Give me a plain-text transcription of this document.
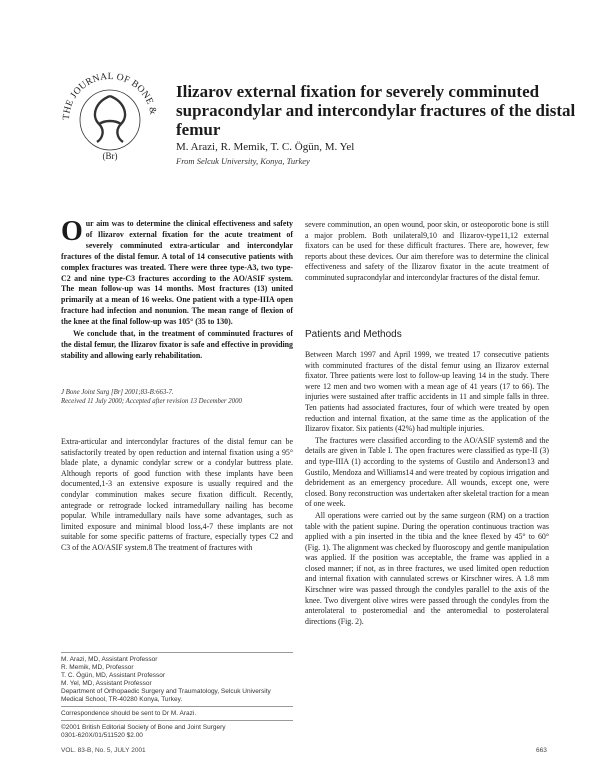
THE JOURNAL OF BONE &
(Br)
Ilizarov external fixation for severely comminuted supracondylar and intercondylar fractures of the distal femur
M. Arazi, R. Memik, T. C. Ögün, M. Yel
From Selcuk University, Konya, Turkey

Our aim was to determine the clinical effectiveness and safety of Ilizarov external fixation for the acute treatment of severely comminuted extra-articular and intercondylar fractures of the distal femur. A total of 14 consecutive patients with complex fractures was treated. There were three type-A3, two type-C2 and nine type-C3 fractures according to the AO/ASIF system. The mean follow-up was 14 months. Most fractures (13) united primarily at a mean of 16 weeks. One patient with a type-IIIA open fracture had infection and nonunion. The mean range of flexion of the knee at the final follow-up was 105° (35 to 130).

We conclude that, in the treatment of comminuted fractures of the distal femur, the Ilizarov fixator is safe and effective in providing stability and allowing early rehabilitation.

J Bone Joint Surg [Br] 2001;83-B:663-7.
Received 11 July 2000; Accepted after revision 13 December 2000

Extra-articular and intercondylar fractures of the distal femur can be satisfactorily treated by open reduction and internal fixation using a 95° blade plate, a dynamic condylar screw or a condylar buttress plate. Although reports of good function with these implants have been documented,1-3 an extensive exposure is usually required and the condylar comminution makes secure fixation difficult. Recently, antegrade or retrograde locked intramedullary nailing has become popular. While intramedullary nails have some advantages, such as limited exposure and minimal blood loss,4-7 these implants are not suitable for some specific patterns of fracture, especially types C2 and C3 of the AO/ASIF system.8 The treatment of fractures with

severe comminution, an open wound, poor skin, or osteoporotic bone is still a major problem. Both unilateral9,10 and Ilizarov-type11,12 external fixators can be used for these difficult fractures. There are, however, few reports about these devices. Our aim therefore was to determine the clinical effectiveness and safety of the Ilizarov fixator in the acute treatment of comminuted supracondylar and intercondylar fractures of the distal femur.

Patients and Methods

Between March 1997 and April 1999, we treated 17 consecutive patients with comminuted fractures of the distal femur using an Ilizarov external fixator. Three patients were lost to follow-up leaving 14 in the study. There were 12 men and two women with a mean age of 41 years (17 to 66). The injuries were sustained after traffic accidents in 11 and simple falls in three. Ten patients had associated fractures, four of which were treated by open reduction and internal fixation, at the same time as the application of the Ilizarov fixator. Six patients (42%) had multiple injuries.

The fractures were classified according to the AO/ASIF system8 and the details are given in Table I. The open fractures were classified as type-II (3) and type-IIIA (1) according to the systems of Gustilo and Anderson13 and Gustilo, Mendoza and Williams14 and were treated by copious irrigation and debridement as an emergency procedure. All wounds, except one, were closed. Bony reconstruction was undertaken after skeletal traction for a mean of one week.

All operations were carried out by the same surgeon (RM) on a traction table with the patient supine. During the operation continuous traction was applied with a pin inserted in the tibia and the knee flexed by 45° to 60° (Fig. 1). The alignment was checked by fluoroscopy and gentle manipulation was applied. If the position was acceptable, the frame was applied in a closed manner; if not, as in three fractures, we used limited open reduction and internal fixation with cannulated screws or Kirschner wires. A 1.8 mm Kirschner wire was passed through the condyles parallel to the axis of the knee. Two divergent olive wires were passed through the condyles from the anterolateral to posteromedial and the anteromedial to posterolateral directions (Fig. 2).

M. Arazi, MD, Assistant Professor
R. Memik, MD, Professor
T. C. Ögün, MD, Assistant Professor
M. Yel, MD, Assistant Professor
Department of Orthopaedic Surgery and Traumatology, Selcuk University Medical School, TR-40280 Konya, Turkey.
Correspondence should be sent to Dr M. Arazi.
©2001 British Editorial Society of Bone and Joint Surgery
0301-620X/01/511520 $2.00
VOL. 83-B, No. 5, JULY 2001	663
